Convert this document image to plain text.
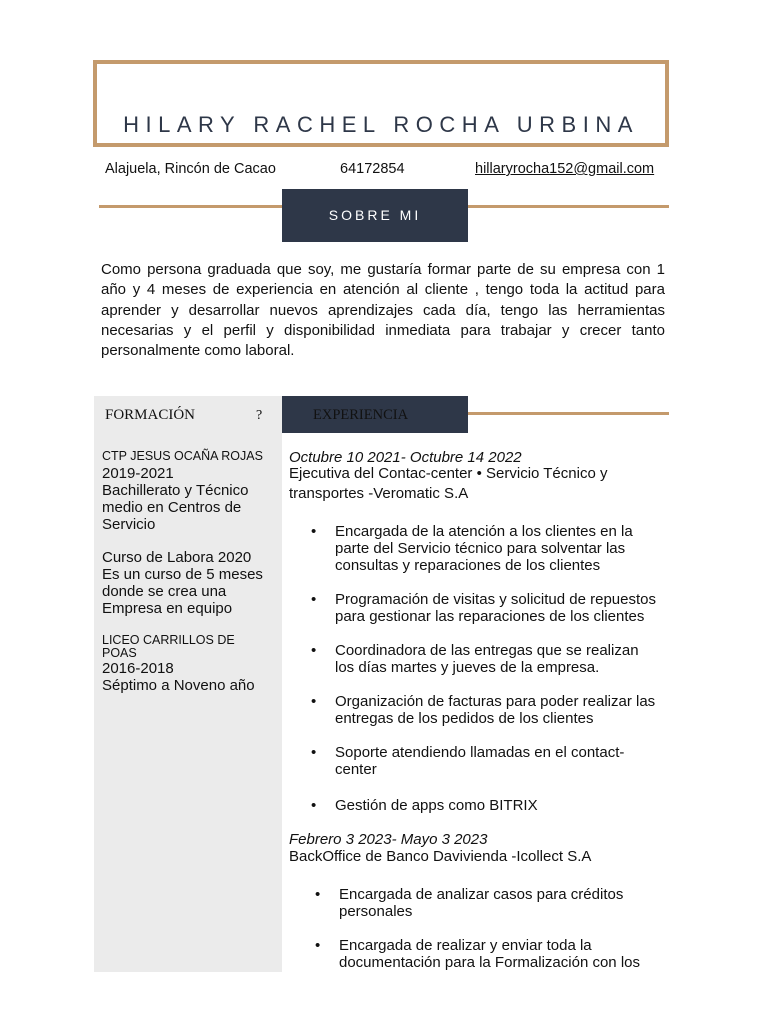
HILARY RACHEL ROCHA URBINA
Alajuela, Rincón de Cacao	64172854	hillaryrocha152@gmail.com
SOBRE MI
Como persona graduada que soy, me gustaría formar parte de su empresa con 1 año y 4 meses de experiencia en atención al cliente , tengo toda la actitud para aprender y desarrollar nuevos aprendizajes cada día, tengo las herramientas necesarias y el perfil y disponibilidad inmediata para trabajar y crecer tanto personalmente como laboral.
FORMACIÓN	?
CTP JESUS OCAÑA ROJAS
2019-2021
Bachillerato y Técnico medio en Centros de Servicio
Curso de Labora 2020
Es un curso de 5 meses donde se crea una Empresa en equipo
LICEO CARRILLOS DE POAS
2016-2018
Séptimo a Noveno año
EXPERIENCIA
Octubre 10 2021- Octubre 14 2022
Ejecutiva del Contac-center • Servicio Técnico y transportes -Veromatic S.A
• Encargada de la atención a los clientes en la parte del Servicio técnico para solventar las consultas y reparaciones de los clientes
• Programación de visitas y solicitud de repuestos para gestionar las reparaciones de los clientes
• Coordinadora de las entregas que se realizan los días martes y jueves de la empresa.
• Organización de facturas para poder realizar las entregas de los pedidos de los clientes
• Soporte atendiendo llamadas en el contact-center
• Gestión de apps como BITRIX
Febrero 3 2023- Mayo 3 2023
BackOffice de Banco Davivienda -Icollect S.A
• Encargada de analizar casos para créditos personales
• Encargada de realizar y enviar toda la documentación para la Formalización con los
